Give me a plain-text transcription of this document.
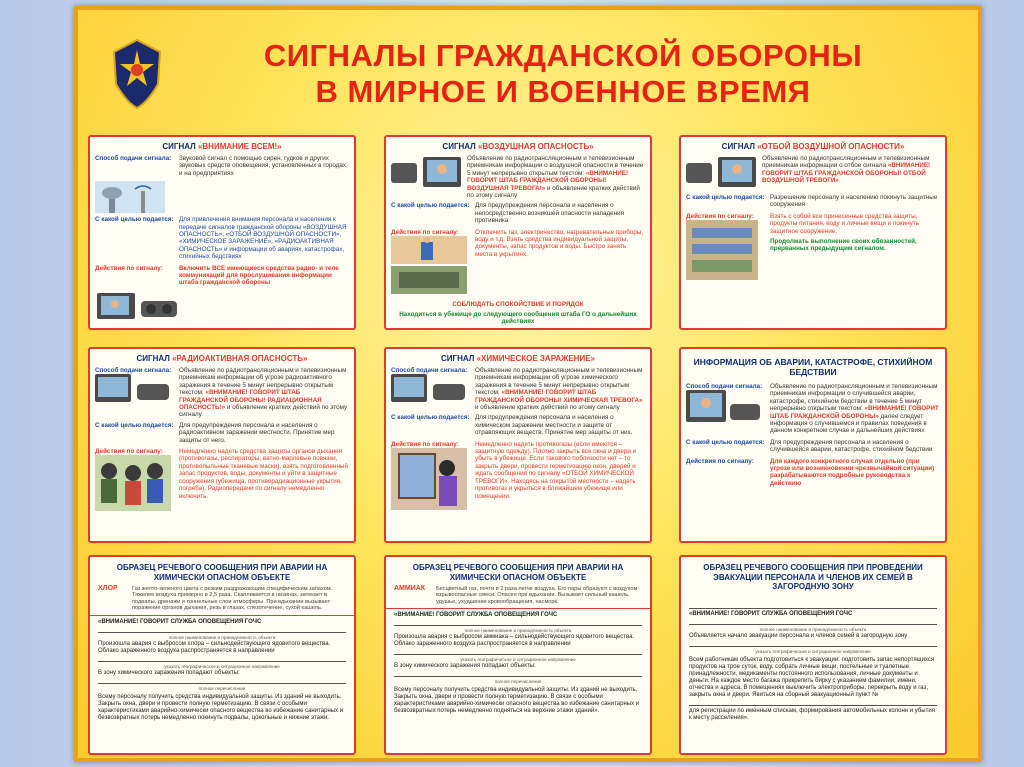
СИГНАЛЫ ГРАЖДАНСКОЙ ОБОРОНЫ
В МИРНОЕ И ВОЕННОЕ ВРЕМЯ
СИГНАЛ «ВНИМАНИЕ ВСЕМ!»
Способ подачи сигнала:	Звуковой сигнал с помощью сирен, гудков и других звуковых средств оповещения, установленных в городах и на предприятиях
С какой целью подается: Для привлечения внимания персонала и населения к передаче сигналов гражданской обороны «ВОЗДУШНАЯ ОПАСНОСТЬ», «ОТБОЙ ВОЗДУШНОЙ ОПАСНОСТИ», «ХИМИЧЕСКОЕ ЗАРАЖЕНИЕ», «РАДИОАКТИВНАЯ ОПАСНОСТЬ» и информации об авариях, катастрофах, стихийных бедствиях
Действия по сигналу:	Включить ВСЕ имеющиеся средства радио- и теле коммуникаций для прослушивания информации штаба гражданской обороны
СИГНАЛ «ВОЗДУШНАЯ ОПАСНОСТЬ»
Объявление по радиотрансляционным и телевизионным приемникам информации о воздушной опасности в течение 5 минут непрерывно открытым текстом: «ВНИМАНИЕ! ГОВОРИТ ШТАБ ГРАЖДАНСКОЙ ОБОРОНЫ! ВОЗДУШНАЯ ТРЕВОГА!» и объявление кратких действий по этому сигналу
С какой целью подается: Для предупреждения персонала и населения о непосредственно возникшей опасности нападения противника
Действия по сигналу:	Отключить газ, электричество, нагревательные приборы, воду и т.д. Взять средства индивидуальной защиты, документы, запас продуктов и воды. Быстро занять места в укрытиях.
СОБЛЮДАТЬ СПОКОЙСТВИЕ И ПОРЯДОК
Находиться в убежище до следующего сообщения штаба ГО о дальнейших действиях
СИГНАЛ «ОТБОЙ ВОЗДУШНОЙ ОПАСНОСТИ»
Объявление по радиотрансляционным и телевизионным приемникам информации о отбое сигнала «ВНИМАНИЕ! ГОВОРИТ ШТАБ ГРАЖДАНСКОЙ ОБОРОНЫ! ОТБОЙ ВОЗДУШНОЙ ТРЕВОГИ»
С какой целью подается: Разрешение персоналу и населению покинуть защитные сооружения
Действия по сигналу:	Взять с собой все принесенные средства защиты, продукты питания, воду и личные вещи и покинуть защитное сооружение.
Продолжать выполнение своих обязанностей, прерванных предыдущим сигналом.
СИГНАЛ «РАДИОАКТИВНАЯ ОПАСНОСТЬ»
Способ подачи сигнала:	Объявление по радиотрансляционным и телевизионным приемникам информации об угрозе радиоактивного заражения в течение 5 минут непрерывно открытым текстом: «ВНИМАНИЕ! ГОВОРИТ ШТАБ ГРАЖДАНСКОЙ ОБОРОНЫ! РАДИАЦИОННАЯ ОПАСНОСТЬ!» и объявление кратких действий по этому сигналу
С какой целью подается: Для предупреждения персонала и населения о радиоактивном заражении местности. Принятие мер защиты от него.
Действия по сигналу:	Немедленно надеть средства защиты органов дыхания (противогазы, респираторы, ватно-марлевые повязки, противопыльные тканевые маски), взять подготовленный запас продуктов, воды, документы и уйти в защитные сооружения (убежища, противорадиационные укрытия, погреба). Радиопередачи по сигналу немедленно включить.
СИГНАЛ «ХИМИЧЕСКОЕ ЗАРАЖЕНИЕ»
Способ подачи сигнала:	Объявление по радиотрансляционным и телевизионным приемникам информации об угрозе химического заражения в течение 5 минут непрерывно открытым текстом: «ВНИМАНИЕ! ГОВОРИТ ШТАБ ГРАЖДАНСКОЙ ОБОРОНЫ! ХИМИЧЕСКАЯ ТРЕВОГА» и объявление кратких действий по этому сигналу
С какой целью подается: Для предупреждения персонала и населения о химическом заражении местности и защите от отравляющих веществ. Принятие мер защиты от них.
Действия по сигналу:	Немедленно надеть противогазы (если имеются – защитную одежду). Плотно закрыть все окна и двери и убыть в убежище. Если такового поблизости нет – то закрыть двери, провести герметизацию окон, дверей и ждать сообщения по сигналу «ОТБОЙ ХИМИЧЕСКОЙ ТРЕВОГИ». Находясь на открытой местности – надеть противогаз и укрыться в ближайшем убежище или помещении.
ИНФОРМАЦИЯ ОБ АВАРИИ, КАТАСТРОФЕ, СТИХИЙНОМ БЕДСТВИИ
Способ подачи сигнала:	Объявление по радиотрансляционным и телевизионным приемникам информации о случившейся аварии, катастрофе, стихийном бедствии в течение 5 минут непрерывно открытым текстом: «ВНИМАНИЕ! ГОВОРИТ ШТАБ ГРАЖДАНСКОЙ ОБОРОНЫ» далее следует информация о случившемся и правилах поведения в данном конкретном случае и дальнейших действиях
С какой целью подается: Для предупреждения персонала и населения о случившейся аварии, катастрофе, стихийном бедствии
Действия по сигналу:	Для каждого конкретного случая отдельно (при угрозе или возникновении чрезвычайной ситуации) разрабатываются подробные руководства к действию
ОБРАЗЕЦ РЕЧЕВОГО СООБЩЕНИЯ ПРИ АВАРИИ НА ХИМИЧЕСКИ ОПАСНОМ ОБЪЕКТЕ
ХЛОР	Газ желто-зеленого цвета с резким раздражающим специфическим запахом. Тяжелее воздуха примерно в 2,5 раза. Скапливается в низинах, затекает в подвалы, дренажи и тоннельные слои атмосферы. При вдыхании вызывает поражение органов дыхания, резь в глазах, слезотечение, сухой кашель.
«ВНИМАНИЕ! ГОВОРИТ СЛУЖБА ОПОВЕЩЕНИЯ ГОЧС
полное наименование и принадлежность объекта
Произошла авария с выбросом хлора – сильнодействующего ядовитого вещества. Облако зараженного воздуха распространяется в направлении
указать географическое и ситуационное направление
В зону химического заражения попадают объекты:
полное перечисление
Всему персоналу получить средства индивидуальной защиты. Из зданий не выходить. Закрыть окна, двери и провести полную герметизацию. В связи с особыми характеристиками аварийно-химически опасного вещества во избежание санитарных и безвозвратных потерь немедленно покинуть подвалы, цокольные и нижние этажи.
ОБРАЗЕЦ РЕЧЕВОГО СООБЩЕНИЯ ПРИ АВАРИИ НА ХИМИЧЕСКИ ОПАСНОМ ОБЪЕКТЕ
АММИАК	Бесцветный газ, почти в 2 раза легче воздуха. Его пары образуют с воздухом взрывоопасные смеси. Опасен при вдыхании. Вызывает сильный кашель, удушье, ухудшение кровообращения, насморк.
«ВНИМАНИЕ! ГОВОРИТ СЛУЖБА ОПОВЕЩЕНИЯ ГОЧС
полное наименование и принадлежность объекта
Произошла авария с выбросом аммиака – сильнодействующего ядовитого вещества. Облако зараженного воздуха распространяется в направлении
указать географическое и ситуационное направление
В зону химического заражения попадают объекты:
полное перечисление
Всему персоналу получить средства индивидуальной защиты. Из зданий не выходить. Закрыть окна, двери и провести полную герметизацию. В связи с особыми характеристиками аварийно-химически опасного вещества во избежание санитарных и безвозвратных потерь немедленно подняться на верхние этажи зданий».
ОБРАЗЕЦ РЕЧЕВОГО СООБЩЕНИЯ ПРИ ПРОВЕДЕНИИ ЭВАКУАЦИИ ПЕРСОНАЛА И ЧЛЕНОВ ИХ СЕМЕЙ В ЗАГОРОДНУЮ ЗОНУ
«ВНИМАНИЕ! ГОВОРИТ СЛУЖБА ОПОВЕЩЕНИЯ ГОЧС
полное наименование и принадлежность объекта
Объявляется начало эвакуации персонала и членов семей в загородную зону
указать географическое и ситуационное направление
Всем работникам объекта подготовиться к эвакуации: подготовить запас непортящихся продуктов на трое суток, воду, собрать личные вещи, постельные и туалетные принадлежности, медикаменты постоянного использования, личные документы и деньги. На каждое место багажа прикрепить бирку с указанием фамилии, имени, отчества и адреса. В помещениях выключить электроприборы, перекрыть воду и газ, закрыть окна и двери. Явиться на сборный эвакуационный пункт №
для регистрации по именным спискам, формирования автомобильных колонн и убытия к месту расселения».
